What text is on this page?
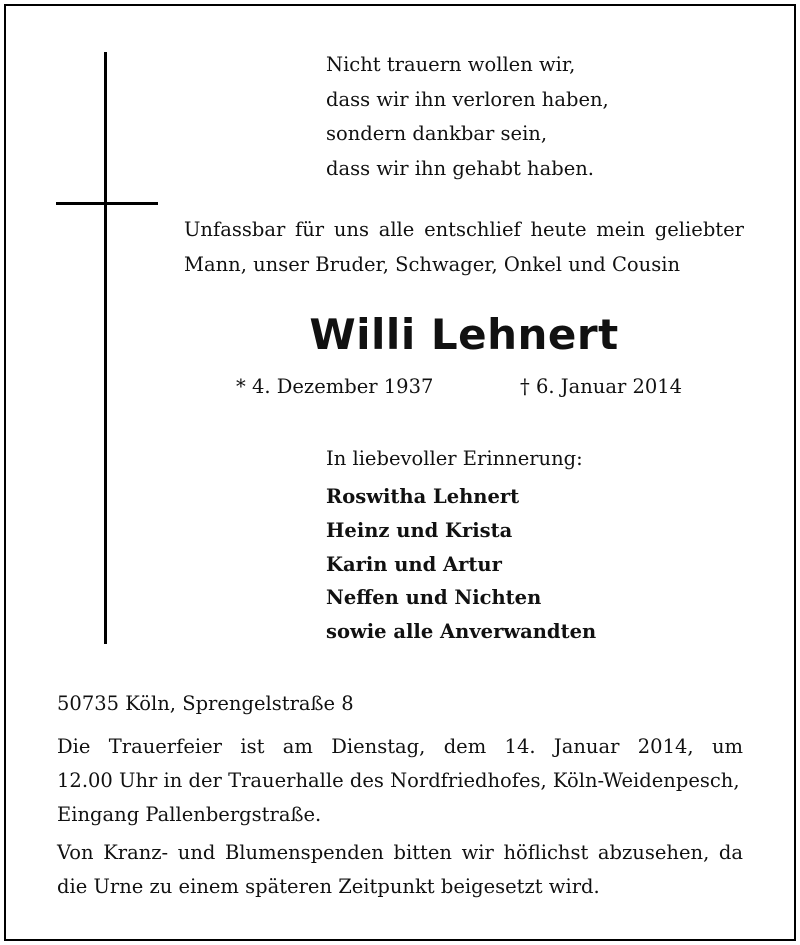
Nicht trauern wollen wir,
dass wir ihn verloren haben,
sondern dankbar sein,
dass wir ihn gehabt haben.
Unfassbar für uns alle entschlief heute mein geliebter
Mann, unser Bruder, Schwager, Onkel und Cousin
Willi Lehnert
* 4. Dezember 1937	† 6. Januar 2014
In liebevoller Erinnerung:
Roswitha Lehnert
Heinz und Krista
Karin und Artur
Neffen und Nichten
sowie alle Anverwandten
50735 Köln, Sprengelstraße 8
Die Trauerfeier ist am Dienstag, dem 14. Januar 2014, um
12.00 Uhr in der Trauerhalle des Nordfriedhofes, Köln-Weidenpesch,
Eingang Pallenbergstraße.
Von Kranz- und Blumenspenden bitten wir höflichst abzusehen, da
die Urne zu einem späteren Zeitpunkt beigesetzt wird.
